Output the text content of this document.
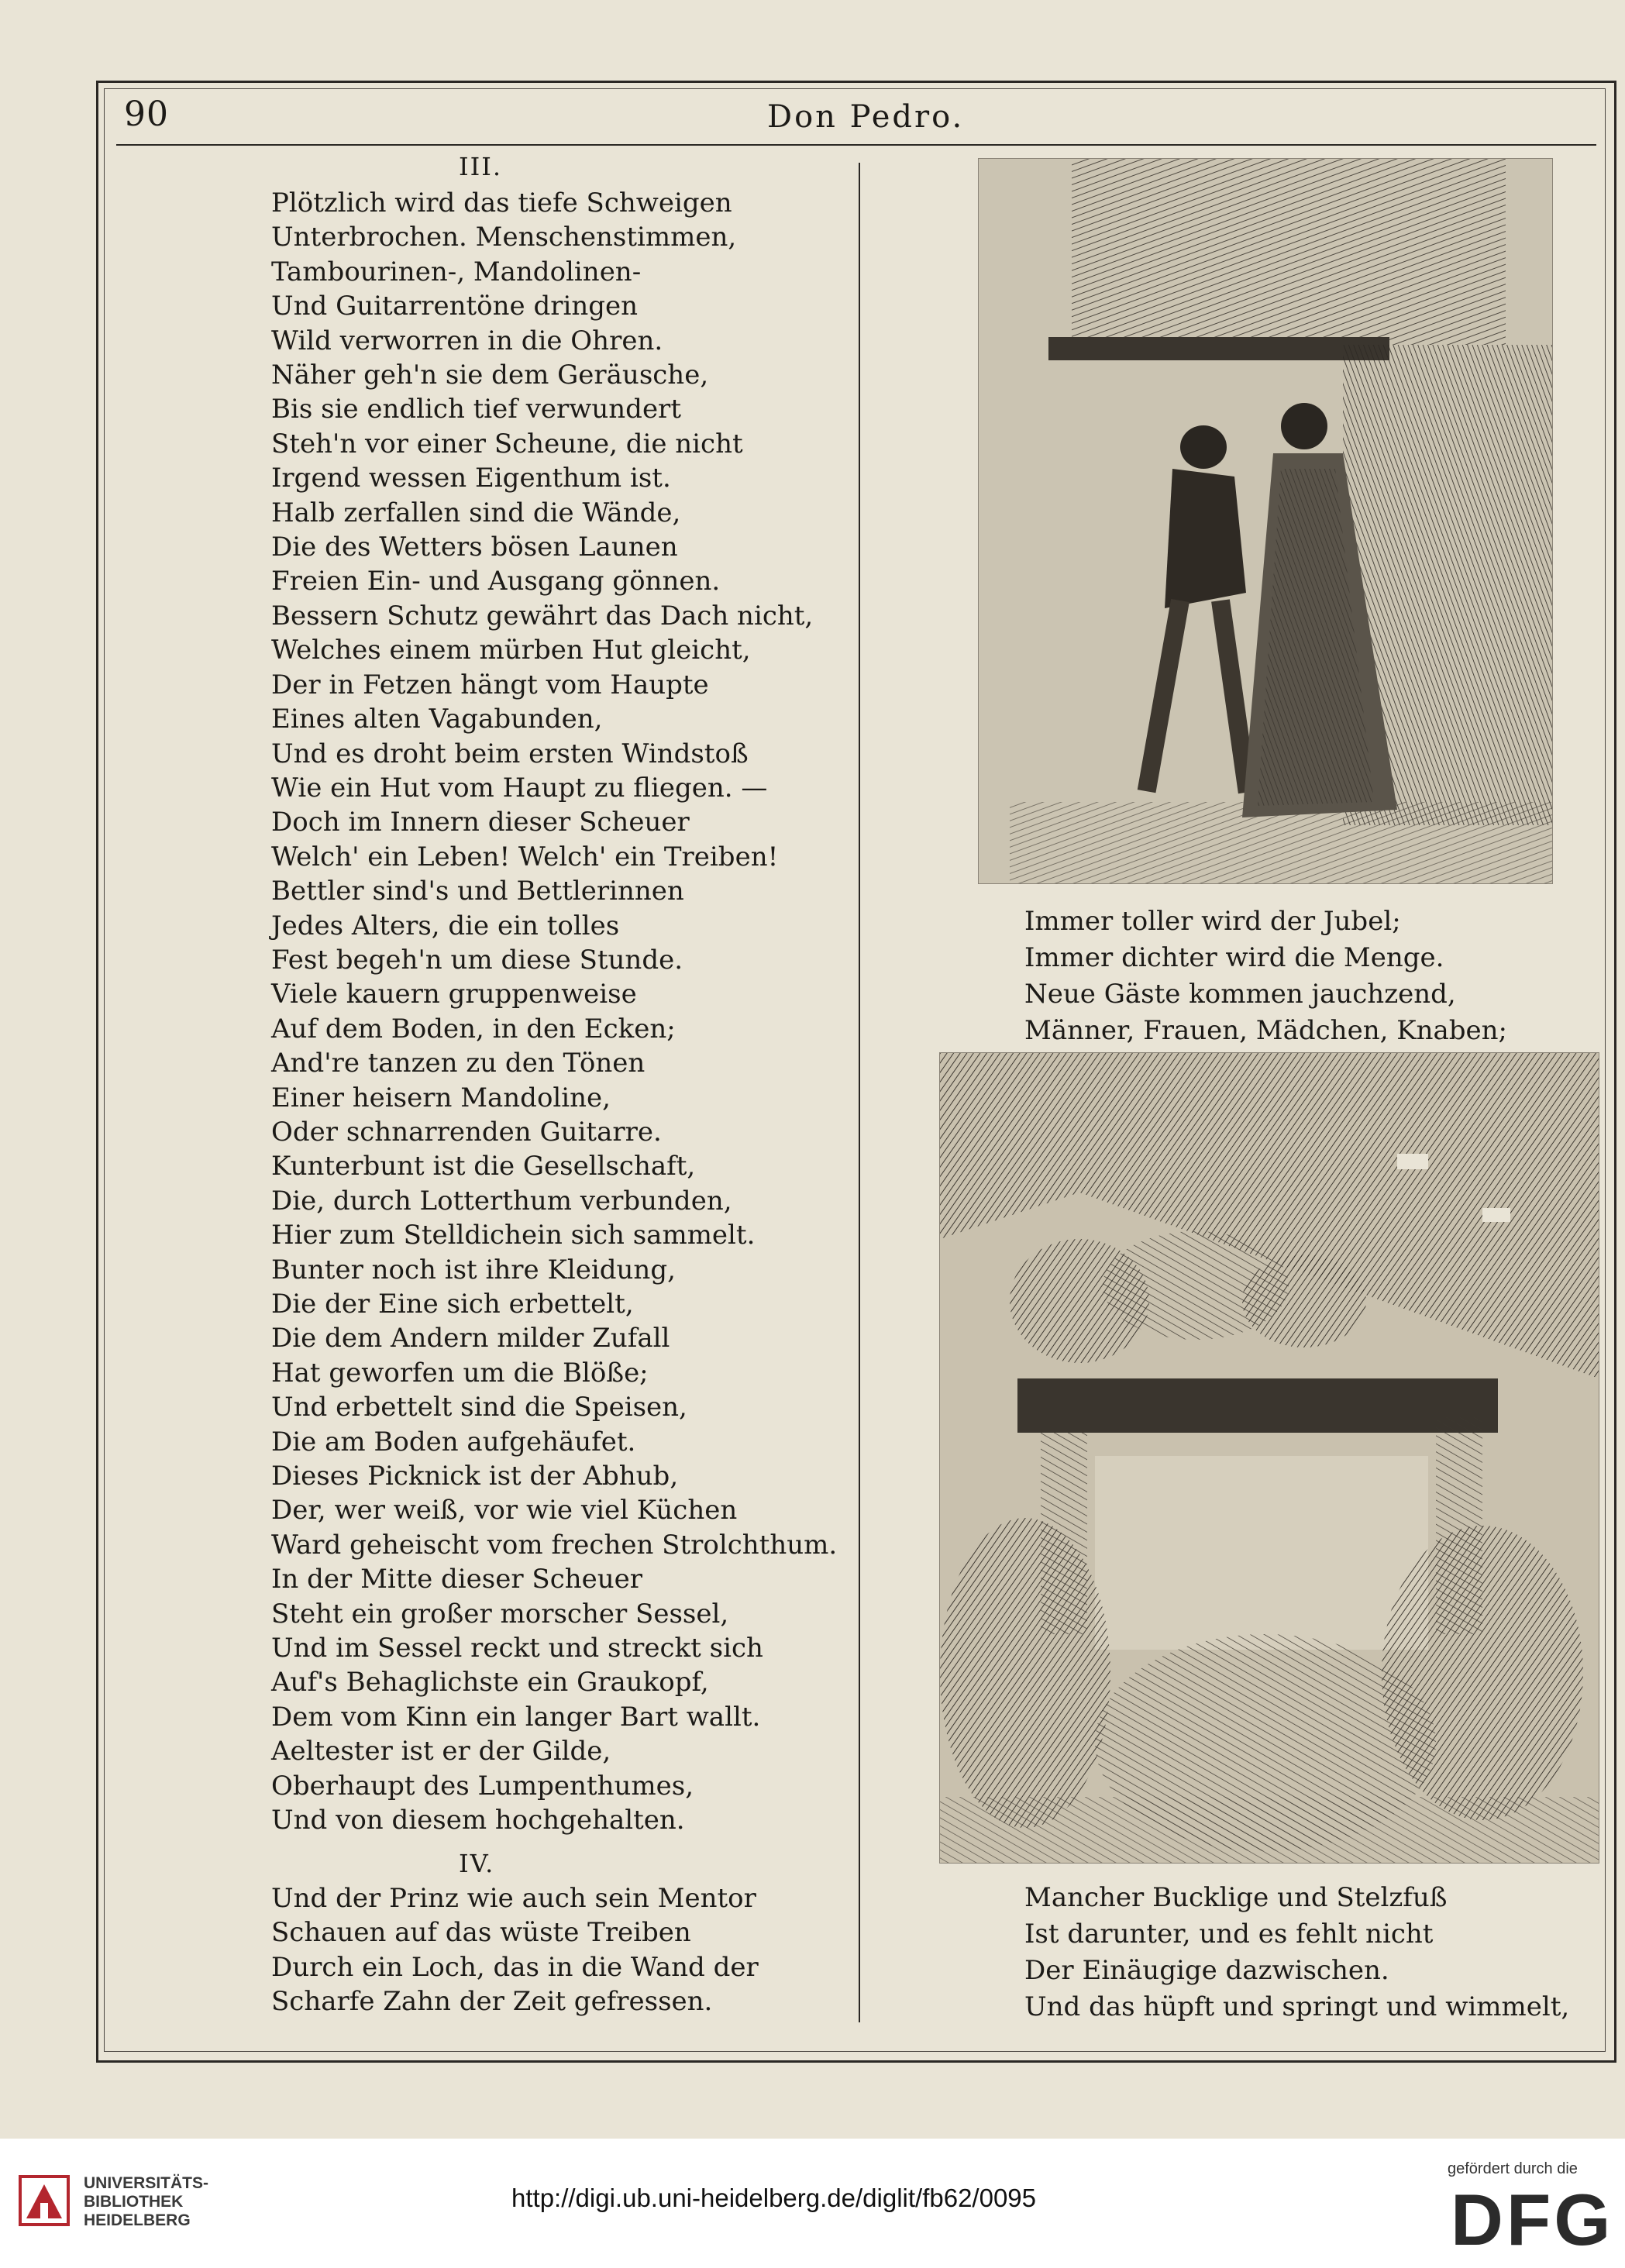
90	Don Pedro.
III.
Plötzlich wird das tiefe Schweigen
Unterbrochen. Menschenstimmen,
Tambourinen-, Mandolinen-
Und Guitarrentöne dringen
Wild verworren in die Ohren.
Näher geh'n sie dem Geräusche,
Bis sie endlich tief verwundert
Steh'n vor einer Scheune, die nicht
Irgend wessen Eigenthum ist.
Halb zerfallen sind die Wände,
Die des Wetters bösen Launen
Freien Ein- und Ausgang gönnen.
Bessern Schutz gewährt das Dach nicht,
Welches einem mürben Hut gleicht,
Der in Fetzen hängt vom Haupte
Eines alten Vagabunden,
Und es droht beim ersten Windstoß
Wie ein Hut vom Haupt zu fliegen. —
Doch im Innern dieser Scheuer
Welch' ein Leben! Welch' ein Treiben!
Bettler sind's und Bettlerinnen
Jedes Alters, die ein tolles
Fest begeh'n um diese Stunde.
Viele kauern gruppenweise
Auf dem Boden, in den Ecken;
And're tanzen zu den Tönen
Einer heisern Mandoline,
Oder schnarrenden Guitarre.
Kunterbunt ist die Gesellschaft,
Die, durch Lotterthum verbunden,
Hier zum Stelldichein sich sammelt.
Bunter noch ist ihre Kleidung,
Die der Eine sich erbettelt,
Die dem Andern milder Zufall
Hat geworfen um die Blöße;
Und erbettelt sind die Speisen,
Die am Boden aufgehäufet.
Dieses Picknick ist der Abhub,
Der, wer weiß, vor wie viel Küchen
Ward geheischt vom frechen Strolchthum.
In der Mitte dieser Scheuer
Steht ein großer morscher Sessel,
Und im Sessel reckt und streckt sich
Auf's Behaglichste ein Graukopf,
Dem vom Kinn ein langer Bart wallt.
Aeltester ist er der Gilde,
Oberhaupt des Lumpenthumes,
Und von diesem hochgehalten.
IV.
Und der Prinz wie auch sein Mentor
Schauen auf das wüste Treiben
Durch ein Loch, das in die Wand der
Scharfe Zahn der Zeit gefressen.
Immer toller wird der Jubel;
Immer dichter wird die Menge.
Neue Gäste kommen jauchzend,
Männer, Frauen, Mädchen, Knaben;
Mancher Bucklige und Stelzfuß
Ist darunter, und es fehlt nicht
Der Einäugige dazwischen.
Und das hüpft und springt und wimmelt,
UNIVERSITÄTS-
BIBLIOTHEK
HEIDELBERG
http://digi.ub.uni-heidelberg.de/diglit/fb62/0095
gefördert durch die
DFG
